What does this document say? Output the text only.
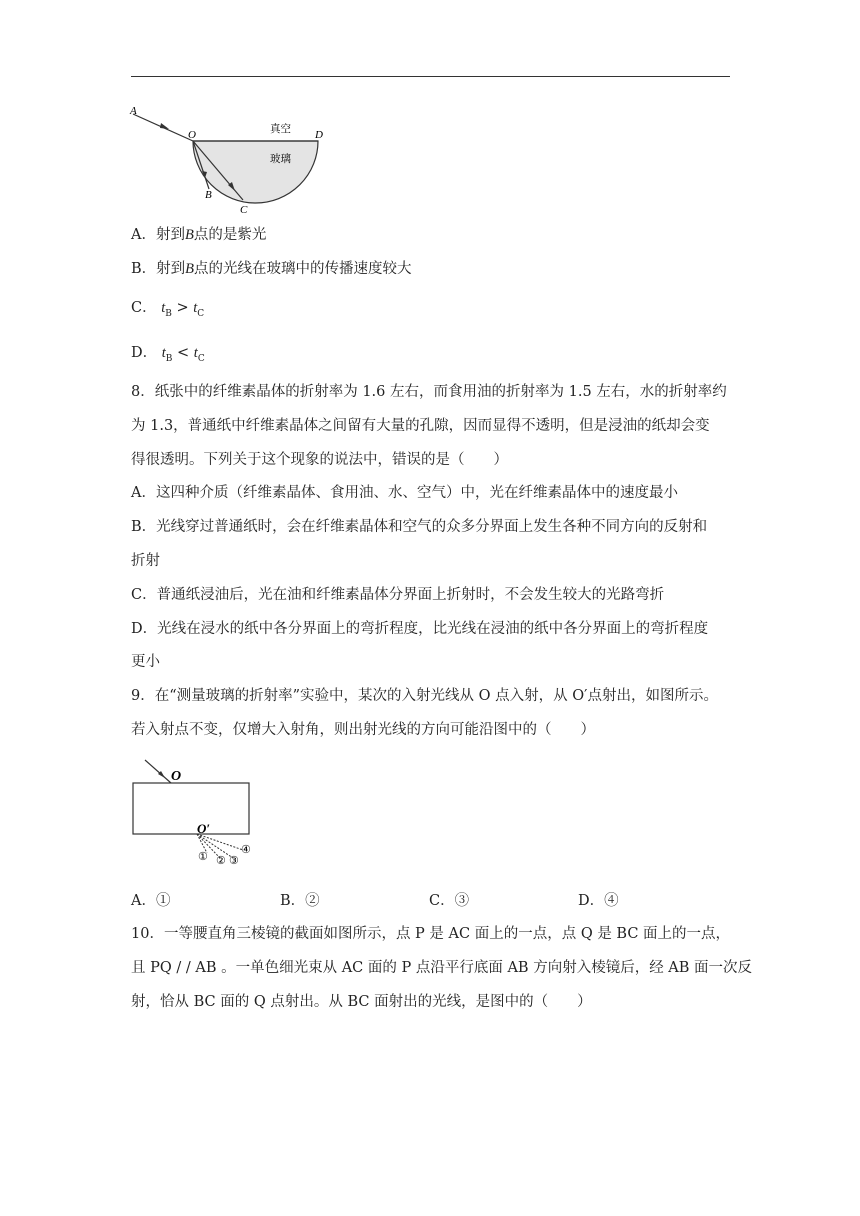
A
O	D
B
C
真空
玻璃
A．射到B点的是紫光
B．射到B点的光线在玻璃中的传播速度较大
C． $t_B > t_C$
D． $t_B < t_C$
8．纸张中的纤维素晶体的折射率为 1.6 左右，而食用油的折射率为 1.5 左右，水的折射率约
为 1.3，普通纸中纤维素晶体之间留有大量的孔隙，因而显得不透明，但是浸油的纸却会变
得很透明。下列关于这个现象的说法中，错误的是（　　）
A．这四种介质（纤维素晶体、食用油、水、空气）中，光在纤维素晶体中的速度最小
B．光线穿过普通纸时，会在纤维素晶体和空气的众多分界面上发生各种不同方向的反射和
折射
C．普通纸浸油后，光在油和纤维素晶体分界面上折射时，不会发生较大的光路弯折
D．光线在浸水的纸中各分界面上的弯折程度，比光线在浸油的纸中各分界面上的弯折程度
更小
9．在“测量玻璃的折射率”实验中，某次的入射光线从 O 点入射，从 O′点射出，如图所示。
若入射点不变，仅增大入射角，则出射光线的方向可能沿图中的（　　）
O
O′
① ② ③
④
A．①	B．②	C．③	D．④
10．一等腰直角三棱镜的截面如图所示，点 P 是 AC 面上的一点，点 Q 是 BC 面上的一点，
且 PQ / / AB 。一单色细光束从 AC 面的 P 点沿平行底面 AB 方向射入棱镜后，经 AB 面一次反
射，恰从 BC 面的 Q 点射出。从 BC 面射出的光线，是图中的（　　）
